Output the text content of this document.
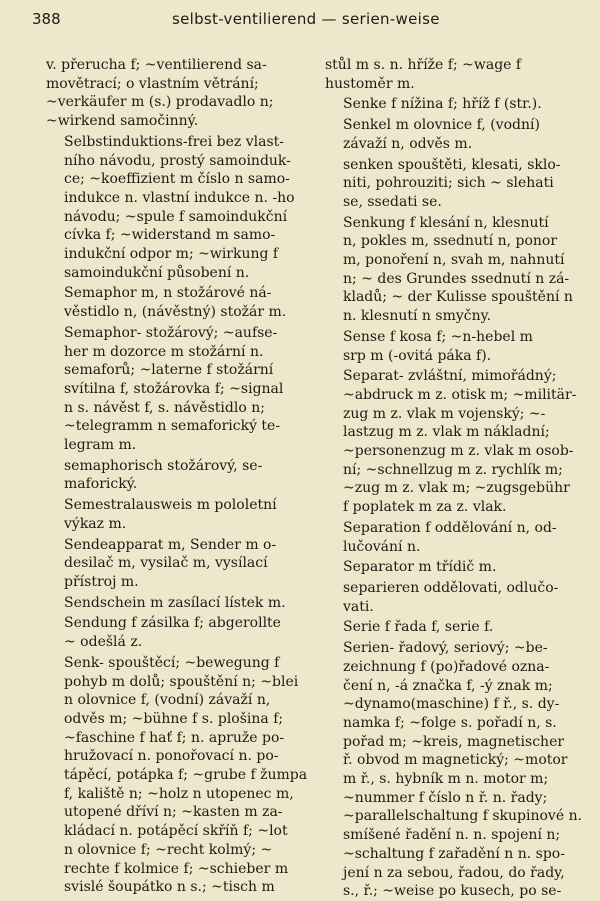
388	selbst-ventilierend — serien-weise
v. přerucha f; ~ventilierend sa-
movětrací; o vlastním větrání;
~verkäufer m (s.) prodavadlo n;
~wirkend samočinný.
Selbstinduktions-frei bez vlast-
ního návodu, prostý samoinduk-
ce; ~koeffizient m číslo n samo-
indukce n. vlastní indukce n. -ho
návodu; ~spule f samoindukční
cívka f; ~widerstand m samo-
indukční odpor m; ~wirkung f
samoindukční působení n.
Semaphor m, n stožárové ná-
věstidlo n, (návěstný) stožár m.
Semaphor- stožárový; ~aufse-
her m dozorce m stožární n.
semaforů; ~laterne f stožární
svítilna f, stožárovka f; ~signal
n s. návěst f, s. návěstidlo n;
~telegramm n semaforický te-
legram m.
semaphorisch stožárový, se-
maforický.
Semestralausweis m pololetní
výkaz m.
Sendeapparat m, Sender m o-
desilač m, vysilač m, vysílací
přístroj m.
Sendschein m zasílací lístek m.
Sendung f zásilka f; abgerollte
~ odešlá z.
Senk- spouštěcí; ~bewegung f
pohyb m dolů; spouštění n; ~blei
n olovnice f, (vodní) závaží n,
odvěs m; ~bühne f s. plošina f;
~faschine f hať f; n. apruže po-
hružovací n. ponořovací n. po-
tápěcí, potápka f; ~grube f žumpa
f, kaliště n; ~holz n utopenec m,
utopené dříví n; ~kasten m za-
kládací n. potápěcí skříň f; ~lot
n olovnice f; ~recht kolmý; ~
rechte f kolmice f; ~schieber m
svislé šoupátko n s.; ~tisch m
stůl m s. n. hříže f; ~wage f
hustoměr m.
Senke f nížina f; hříž f (str.).
Senkel m olovnice f, (vodní)
závaží n, odvěs m.
senken spouštěti, klesati, sklo-
niti, pohrouziti; sich ~ slehati
se, ssedati se.
Senkung f klesání n, klesnutí
n, pokles m, ssednutí n, ponor
m, ponoření n, svah m, nahnutí
n; ~ des Grundes ssednutí n zá-
kladů; ~ der Kulisse spouštění n
n. klesnutí n smyčny.
Sense f kosa f; ~n-hebel m
srp m (-ovitá páka f).
Separat- zvláštní, mimořádný;
~abdruck m z. otisk m; ~militär-
zug m z. vlak m vojenský; ~-
lastzug m z. vlak m nákladní;
~personenzug m z. vlak m osob-
ní; ~schnellzug m z. rychlík m;
~zug m z. vlak m; ~zugsgebühr
f poplatek m za z. vlak.
Separation f oddělování n, od-
lučování n.
Separator m třídič m.
separieren oddělovati, odlučo-
vati.
Serie f řada f, serie f.
Serien- řadový, seriový; ~be-
zeichnung f (po)řadové ozna-
čení n, -á značka f, -ý znak m;
~dynamo(maschine) f ř., s. dy-
namka f; ~folge s. pořadí n, s.
pořad m; ~kreis, magnetischer
ř. obvod m magnetický; ~motor
m ř., s. hybník m n. motor m;
~nummer f číslo n ř. n. řady;
~parallelschaltung f skupinové n.
smíšené řadění n. n. spojení n;
~schaltung f zařadění n n. spo-
jení n za sebou, řadou, do řady,
s., ř.; ~weise po kusech, po se-
